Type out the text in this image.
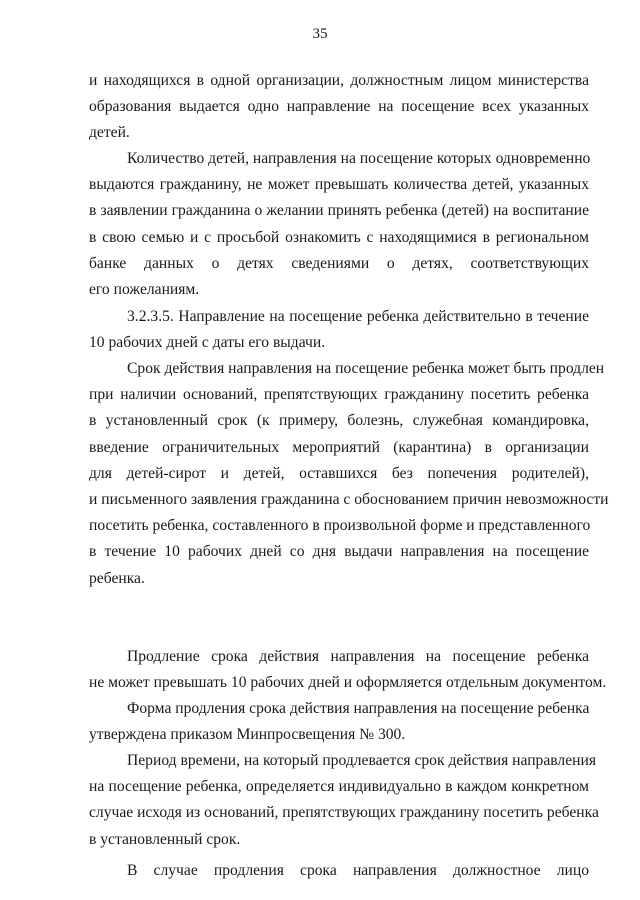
35
и находящихся в одной организации, должностным лицом министерства
образования выдается одно направление на посещение всех указанных
детей.
Количество детей, направления на посещение которых одновременно
выдаются гражданину, не может превышать количества детей, указанных
в заявлении гражданина о желании принять ребенка (детей) на воспитание
в свою семью и с просьбой ознакомить с находящимися в региональном
банке данных о детях сведениями о детях, соответствующих
его пожеланиям.
3.2.3.5. Направление на посещение ребенка действительно в течение
10 рабочих дней с даты его выдачи.
Срок действия направления на посещение ребенка может быть продлен
при наличии оснований, препятствующих гражданину посетить ребенка
в установленный срок (к примеру, болезнь, служебная командировка,
введение ограничительных мероприятий (карантина) в организации
для детей-сирот и детей, оставшихся без попечения родителей),
и письменного заявления гражданина с обоснованием причин невозможности
посетить ребенка, составленного в произвольной форме и представленного
в течение 10 рабочих дней со дня выдачи направления на посещение
ребенка.
Продление срока действия направления на посещение ребенка
не может превышать 10 рабочих дней и оформляется отдельным документом.
Форма продления срока действия направления на посещение ребенка
утверждена приказом Минпросвещения № 300.
Период времени, на который продлевается срок действия направления
на посещение ребенка, определяется индивидуально в каждом конкретном
случае исходя из оснований, препятствующих гражданину посетить ребенка
в установленный срок.
В случае продления срока направления должностное лицо
